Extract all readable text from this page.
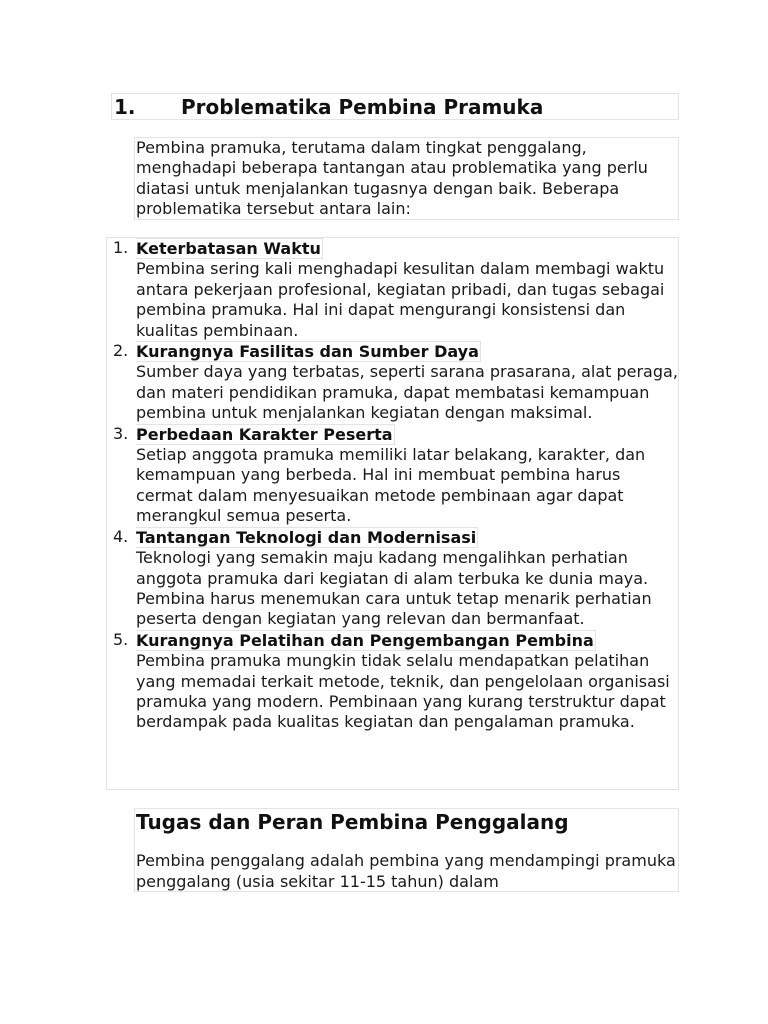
1. Problematika Pembina Pramuka

Pembina pramuka, terutama dalam tingkat penggalang, menghadapi beberapa tantangan atau problematika yang perlu diatasi untuk menjalankan tugasnya dengan baik. Beberapa problematika tersebut antara lain:

1. Keterbatasan Waktu
Pembina sering kali menghadapi kesulitan dalam membagi waktu antara pekerjaan profesional, kegiatan pribadi, dan tugas sebagai pembina pramuka. Hal ini dapat mengurangi konsistensi dan kualitas pembinaan.
2. Kurangnya Fasilitas dan Sumber Daya
Sumber daya yang terbatas, seperti sarana prasarana, alat peraga, dan materi pendidikan pramuka, dapat membatasi kemampuan pembina untuk menjalankan kegiatan dengan maksimal.
3. Perbedaan Karakter Peserta
Setiap anggota pramuka memiliki latar belakang, karakter, dan kemampuan yang berbeda. Hal ini membuat pembina harus cermat dalam menyesuaikan metode pembinaan agar dapat merangkul semua peserta.
4. Tantangan Teknologi dan Modernisasi
Teknologi yang semakin maju kadang mengalihkan perhatian anggota pramuka dari kegiatan di alam terbuka ke dunia maya. Pembina harus menemukan cara untuk tetap menarik perhatian peserta dengan kegiatan yang relevan dan bermanfaat.
5. Kurangnya Pelatihan dan Pengembangan Pembina
Pembina pramuka mungkin tidak selalu mendapatkan pelatihan yang memadai terkait metode, teknik, dan pengelolaan organisasi pramuka yang modern. Pembinaan yang kurang terstruktur dapat berdampak pada kualitas kegiatan dan pengalaman pramuka.
Tugas dan Peran Pembina Penggalang

Pembina penggalang adalah pembina yang mendampingi pramuka penggalang (usia sekitar 11-15 tahun) dalam
